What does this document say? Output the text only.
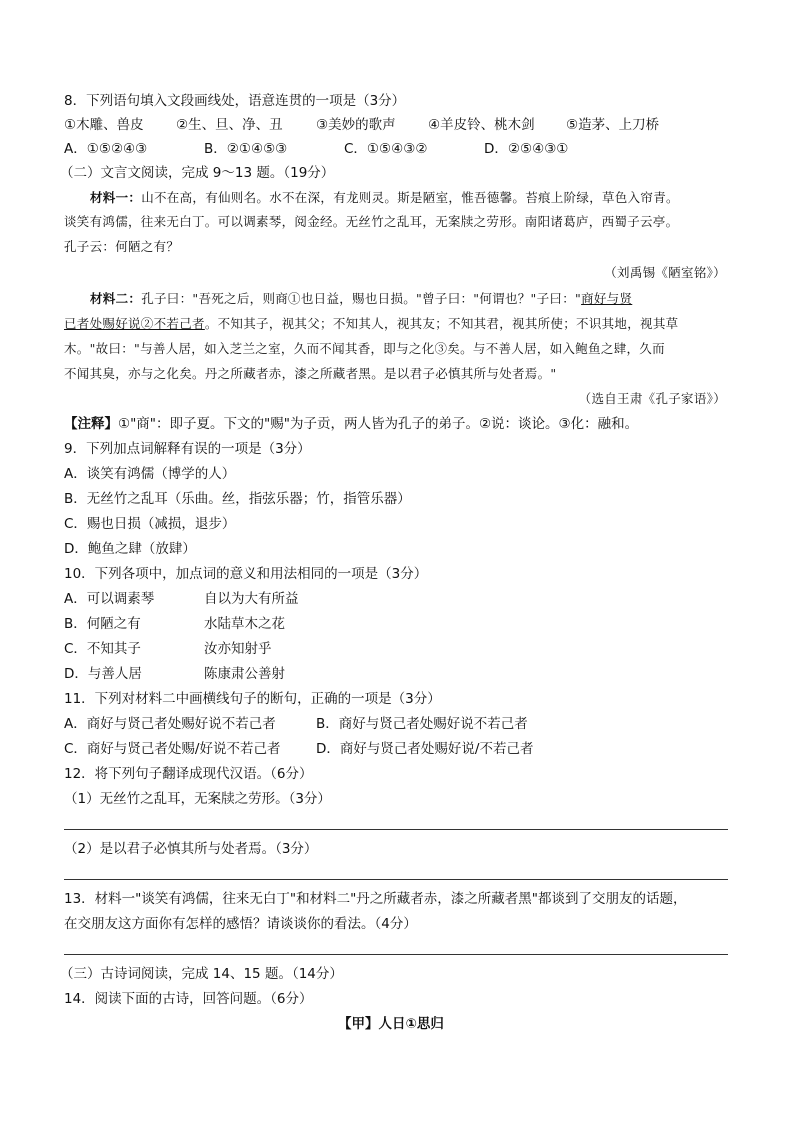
8．下列语句填入文段画线处，语意连贯的一项是（3分）
①木雕、兽皮 ②生、旦、净、丑 ③美妙的歌声 ④羊皮铃、桃木剑 ⑤造茅、上刀桥
A．①⑤②④③	B．②①④⑤③	C．①⑤④③②	D．②⑤④③①
（二）文言文阅读，完成 9～13 题。（19分）
材料一：山不在高，有仙则名。水不在深，有龙则灵。斯是陋室，惟吾德馨。苔痕上阶绿，草色入帘青。
谈笑有鸿儒，往来无白丁。可以调素琴，阅金经。无丝竹之乱耳，无案牍之劳形。南阳诸葛庐，西蜀子云亭。
孔子云：何陋之有？
（刘禹锡《陋室铭》）
材料二：孔子曰："吾死之后，则商①也日益，赐也日损。"曾子曰："何谓也？"子曰："商好与贤
已者处赐好说②不若己者。不知其子，视其父；不知其人，视其友；不知其君，视其所使；不识其地，视其草
木。"故曰："与善人居，如入芝兰之室，久而不闻其香，即与之化③矣。与不善人居，如入鲍鱼之肆，久而
不闻其臭，亦与之化矣。丹之所藏者赤，漆之所藏者黑。是以君子必慎其所与处者焉。"
（选自王肃《孔子家语》）
【注释】①"商"：即子夏。下文的"赐"为子贡，两人皆为孔子的弟子。②说：谈论。③化：融和。
9．下列加点词解释有误的一项是（3分）
A．谈笑有鸿儒（博学的人）
B．无丝竹之乱耳（乐曲。丝，指弦乐器；竹，指管乐器）
C．赐也日损（减损，退步）
D．鲍鱼之肆（放肆）
10．下列各项中，加点词的意义和用法相同的一项是（3分）
A．可以调素琴	自以为大有所益
B．何陋之有	水陆草木之花
C．不知其子	汝亦知射乎
D．与善人居	陈康肃公善射
11．下列对材料二中画横线句子的断句，正确的一项是（3分）
A．商好与贤己者处赐好说不若己者	B．商好与贤己者处赐好说不若己者
C．商好与贤己者处赐/好说不若己者	D．商好与贤己者处赐好说/不若己者
12．将下列句子翻译成现代汉语。（6分）
（1）无丝竹之乱耳，无案牍之劳形。（3分）
（2）是以君子必慎其所与处者焉。（3分）
13．材料一"谈笑有鸿儒，往来无白丁"和材料二"丹之所藏者赤，漆之所藏者黑"都谈到了交朋友的话题，
在交朋友这方面你有怎样的感悟？请谈谈你的看法。（4分）
（三）古诗词阅读，完成 14、15 题。（14分）
14．阅读下面的古诗，回答问题。（6分）
【甲】人日①思归
